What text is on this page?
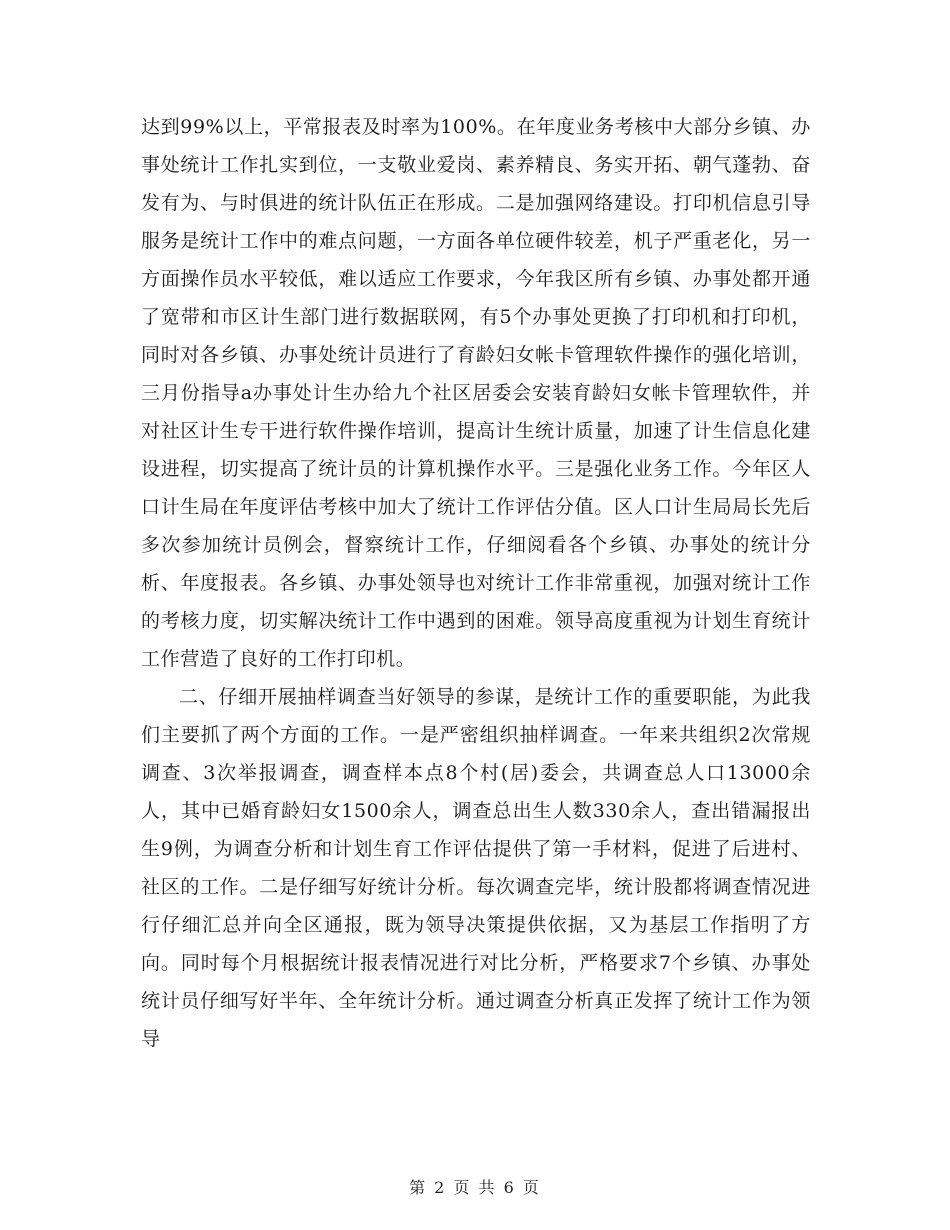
达到99%以上，平常报表及时率为100%。在年度业务考核中大部分乡镇、办事处统计工作扎实到位，一支敬业爱岗、素养精良、务实开拓、朝气蓬勃、奋发有为、与时俱进的统计队伍正在形成。二是加强网络建设。打印机信息引导服务是统计工作中的难点问题，一方面各单位硬件较差，机子严重老化，另一方面操作员水平较低，难以适应工作要求，今年我区所有乡镇、办事处都开通了宽带和市区计生部门进行数据联网，有5个办事处更换了打印机和打印机，同时对各乡镇、办事处统计员进行了育龄妇女帐卡管理软件操作的强化培训，三月份指导a办事处计生办给九个社区居委会安装育龄妇女帐卡管理软件，并对社区计生专干进行软件操作培训，提高计生统计质量，加速了计生信息化建设进程，切实提高了统计员的计算机操作水平。三是强化业务工作。今年区人口计生局在年度评估考核中加大了统计工作评估分值。区人口计生局局长先后多次参加统计员例会，督察统计工作，仔细阅看各个乡镇、办事处的统计分析、年度报表。各乡镇、办事处领导也对统计工作非常重视，加强对统计工作的考核力度，切实解决统计工作中遇到的困难。领导高度重视为计划生育统计工作营造了良好的工作打印机。

二、仔细开展抽样调查当好领导的参谋，是统计工作的重要职能，为此我们主要抓了两个方面的工作。一是严密组织抽样调查。一年来共组织2次常规调查、3次举报调查，调查样本点8个村(居)委会，共调查总人口13000余人，其中已婚育龄妇女1500余人，调查总出生人数330余人，查出错漏报出生9例，为调查分析和计划生育工作评估提供了第一手材料，促进了后进村、社区的工作。二是仔细写好统计分析。每次调查完毕，统计股都将调查情况进行仔细汇总并向全区通报，既为领导决策提供依据，又为基层工作指明了方向。同时每个月根据统计报表情况进行对比分析，严格要求7个乡镇、办事处统计员仔细写好半年、全年统计分析。通过调查分析真正发挥了统计工作为领导

第 2 页 共 6 页
